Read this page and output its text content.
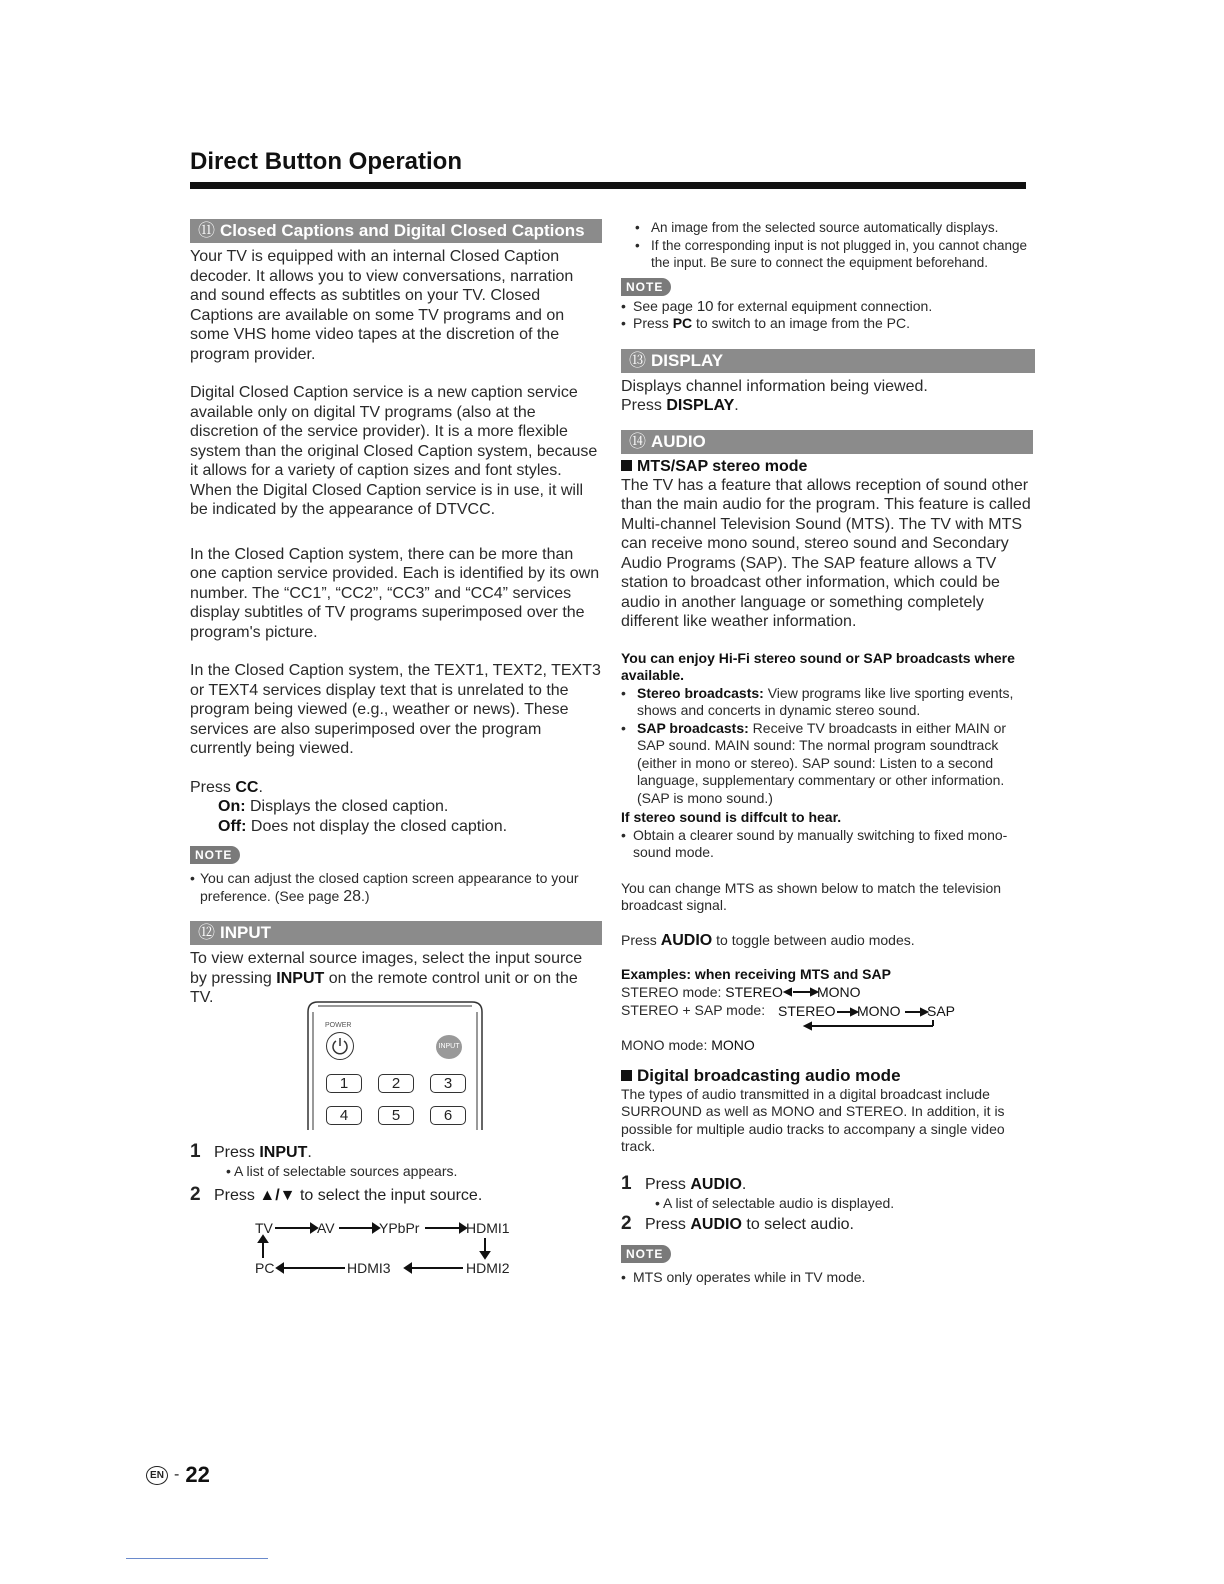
Direct Button Operation
⑪ Closed Captions and Digital Closed Captions

Your TV is equipped with an internal Closed Caption decoder. It allows you to view conversations, narration and sound effects as subtitles on your TV. Closed Captions are available on some TV programs and on some VHS home video tapes at the discretion of the program provider.

Digital Closed Caption service is a new caption service available only on digital TV programs (also at the discretion of the service provider). It is a more flexible system than the original Closed Caption system, because it allows for a variety of caption sizes and font styles. When the Digital Closed Caption service is in use, it will be indicated by the appearance of DTVCC.

In the Closed Caption system, there can be more than one caption service provided. Each is identified by its own number. The “CC1”, “CC2”, “CC3” and “CC4” services display subtitles of TV programs superimposed over the program's picture.

In the Closed Caption system, the TEXT1, TEXT2, TEXT3 or TEXT4 services display text that is unrelated to the program being viewed (e.g., weather or news). These services are also superimposed over the program currently being viewed.

Press CC.

On: Displays the closed caption.

Off: Does not display the closed caption.

NOTE
• You can adjust the closed caption screen appearance to your preference. (See page 28.)
⑫ INPUT

To view external source images, select the input source by pressing INPUT on the remote control unit or on the TV.

POWER
INPUT
1	2	3
4	5	6
1 Press INPUT.
• A list of selectable sources appears.
2 Press ▲/▼ to select the input source.
TV	AV	YPbPr	HDMI1
PC	HDMI3	HDMI2
• An image from the selected source automatically displays.
• If the corresponding input is not plugged in, you cannot change the input. Be sure to connect the equipment beforehand.
NOTE
• See page 10 for external equipment connection.
• Press PC to switch to an image from the PC.
⑬ DISPLAY

Displays channel information being viewed.

Press DISPLAY.

⑭ AUDIO

MTS/SAP stereo mode

The TV has a feature that allows reception of sound other than the main audio for the program. This feature is called Multi-channel Television Sound (MTS). The TV with MTS can receive mono sound, stereo sound and Secondary Audio Programs (SAP). The SAP feature allows a TV station to broadcast other information, which could be audio in another language or something completely different like weather information.

You can enjoy Hi-Fi stereo sound or SAP broadcasts where available.

• Stereo broadcasts: View programs like live sporting events, shows and concerts in dynamic stereo sound.
• SAP broadcasts: Receive TV broadcasts in either MAIN or SAP sound. MAIN sound: The normal program soundtrack (either in mono or stereo). SAP sound: Listen to a second language, supplementary commentary or other information. (SAP is mono sound.)

If stereo sound is diffcult to hear.

• Obtain a clearer sound by manually switching to fixed mono-sound mode.

You can change MTS as shown below to match the television broadcast signal.

Press AUDIO to toggle between audio modes.

Examples: when receiving MTS and SAP

STEREO mode: STEREO MONO
STEREO + SAP mode: STEREO MONO SAP
MONO mode: MONO

Digital broadcasting audio mode

The types of audio transmitted in a digital broadcast include SURROUND as well as MONO and STEREO. In addition, it is possible for multiple audio tracks to accompany a single video track.

1 Press AUDIO.
• A list of selectable audio is displayed.
2 Press AUDIO to select audio.
NOTE
• MTS only operates while in TV mode.
EN - 22
